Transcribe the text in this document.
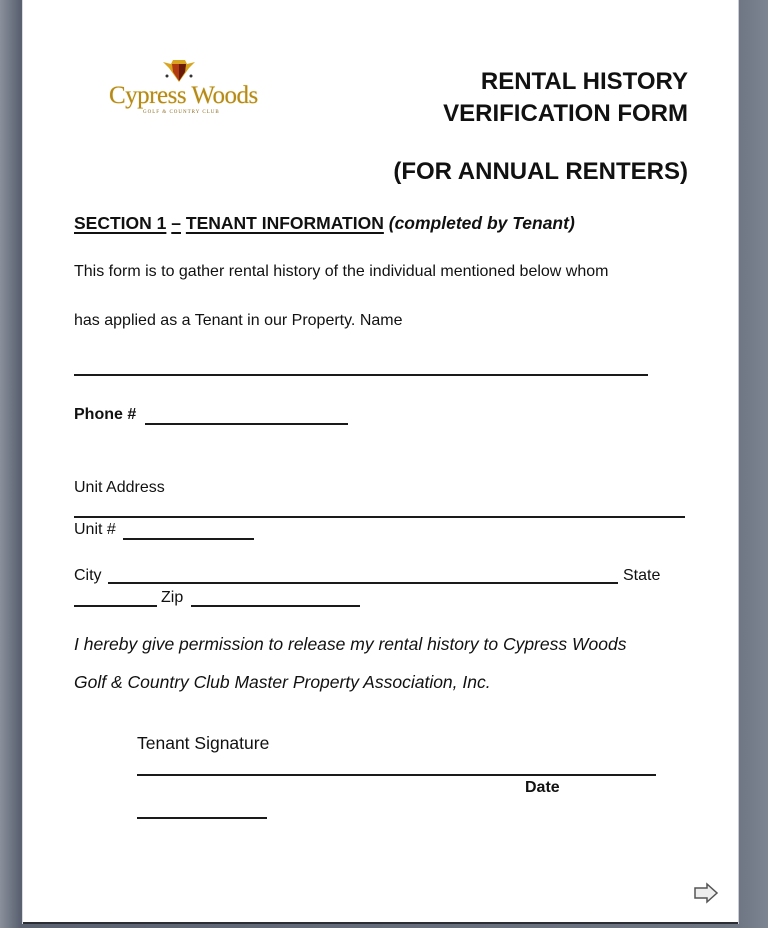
Cypress Woods
GOLF & COUNTRY CLUB
RENTAL HISTORY
VERIFICATION FORM
(FOR ANNUAL RENTERS)
SECTION 1 – TENANT INFORMATION (completed by Tenant)
This form is to gather rental history of the individual mentioned below whom
has applied as a Tenant in our Property. Name
Phone #
Unit Address
Unit #
City	State
Zip
I hereby give permission to release my rental history to Cypress Woods
Golf & Country Club Master Property Association, Inc.
Tenant Signature
Date
